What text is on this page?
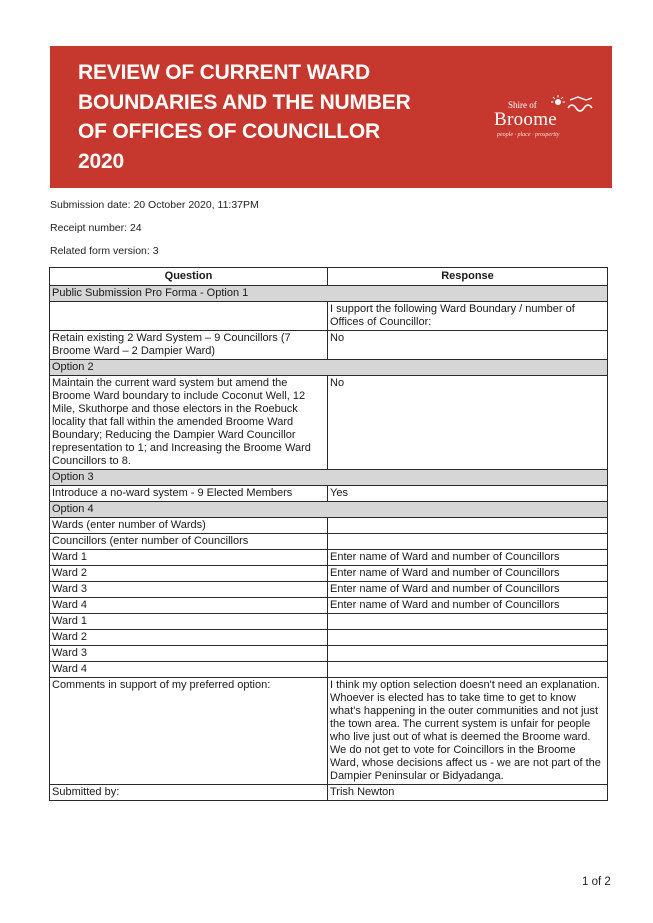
REVIEW OF CURRENT WARD
BOUNDARIES AND THE NUMBER
OF OFFICES OF COUNCILLOR
2020
Shire of
Broome
people · place · prosperity
Submission date: 20 October 2020, 11:37PM
Receipt number: 24
Related form version: 3
Question	Response
Public Submission Pro Forma - Option 1	
	I support the following Ward Boundary / number of Offices of Councillor:
Retain existing 2 Ward System – 9 Councillors (7 Broome Ward – 2 Dampier Ward)	No
Option 2	
Maintain the current ward system but amend the Broome Ward boundary to include Coconut Well, 12 Mile, Skuthorpe and those electors in the Roebuck locality that fall within the amended Broome Ward Boundary; Reducing the Dampier Ward Councillor representation to 1; and Increasing the Broome Ward Councillors to 8.	No
Option 3	
Introduce a no-ward system - 9 Elected Members	Yes
Option 4	
Wards (enter number of Wards)	
Councillors (enter number of Councillors	
Ward 1	Enter name of Ward and number of Councillors
Ward 2	Enter name of Ward and number of Councillors
Ward 3	Enter name of Ward and number of Councillors
Ward 4	Enter name of Ward and number of Councillors
Ward 1	
Ward 2	
Ward 3	
Ward 4	
Comments in support of my preferred option:	I think my option selection doesn't need an explanation. Whoever is elected has to take time to get to know what's happening in the outer communities and not just the town area. The current system is unfair for people who live just out of what is deemed the Broome ward. We do not get to vote for Coincillors in the Broome Ward, whose decisions affect us - we are not part of the Dampier Peninsular or Bidyadanga.
Submitted by:	Trish Newton
1 of 2
